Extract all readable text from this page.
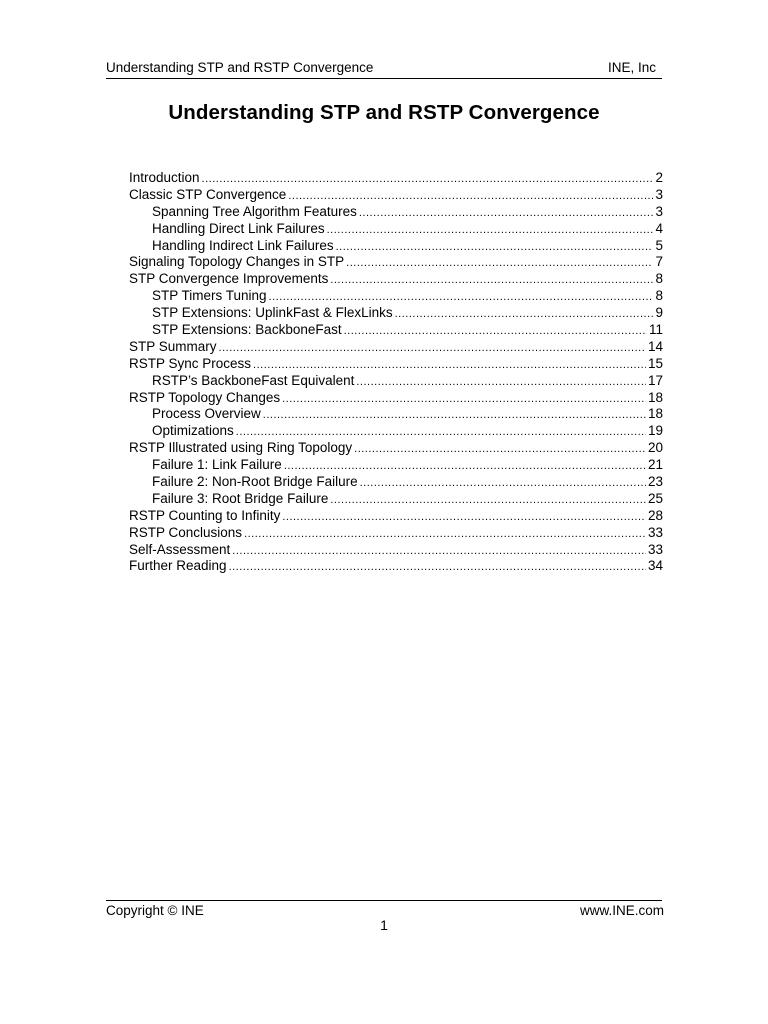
Understanding STP and RSTP Convergence	INE, Inc
Understanding STP and RSTP Convergence
Introduction .....	2
Classic STP Convergence .....	3
Spanning Tree Algorithm Features .....	3
Handling Direct Link Failures .....	4
Handling Indirect Link Failures .....	5
Signaling Topology Changes in STP .....	7
STP Convergence Improvements .....	8
STP Timers Tuning .....	8
STP Extensions: UplinkFast & FlexLinks .....	9
STP Extensions: BackboneFast .....	11
STP Summary .....	14
RSTP Sync Process .....	15
RSTP’s BackboneFast Equivalent .....	17
RSTP Topology Changes .....	18
Process Overview .....	18
Optimizations .....	19
RSTP Illustrated using Ring Topology .....	20
Failure 1: Link Failure .....	21
Failure 2: Non-Root Bridge Failure .....	23
Failure 3: Root Bridge Failure .....	25
RSTP Counting to Infinity .....	28
RSTP Conclusions .....	33
Self-Assessment .....	33
Further Reading .....	34
Copyright © INE	www.INE.com
1
